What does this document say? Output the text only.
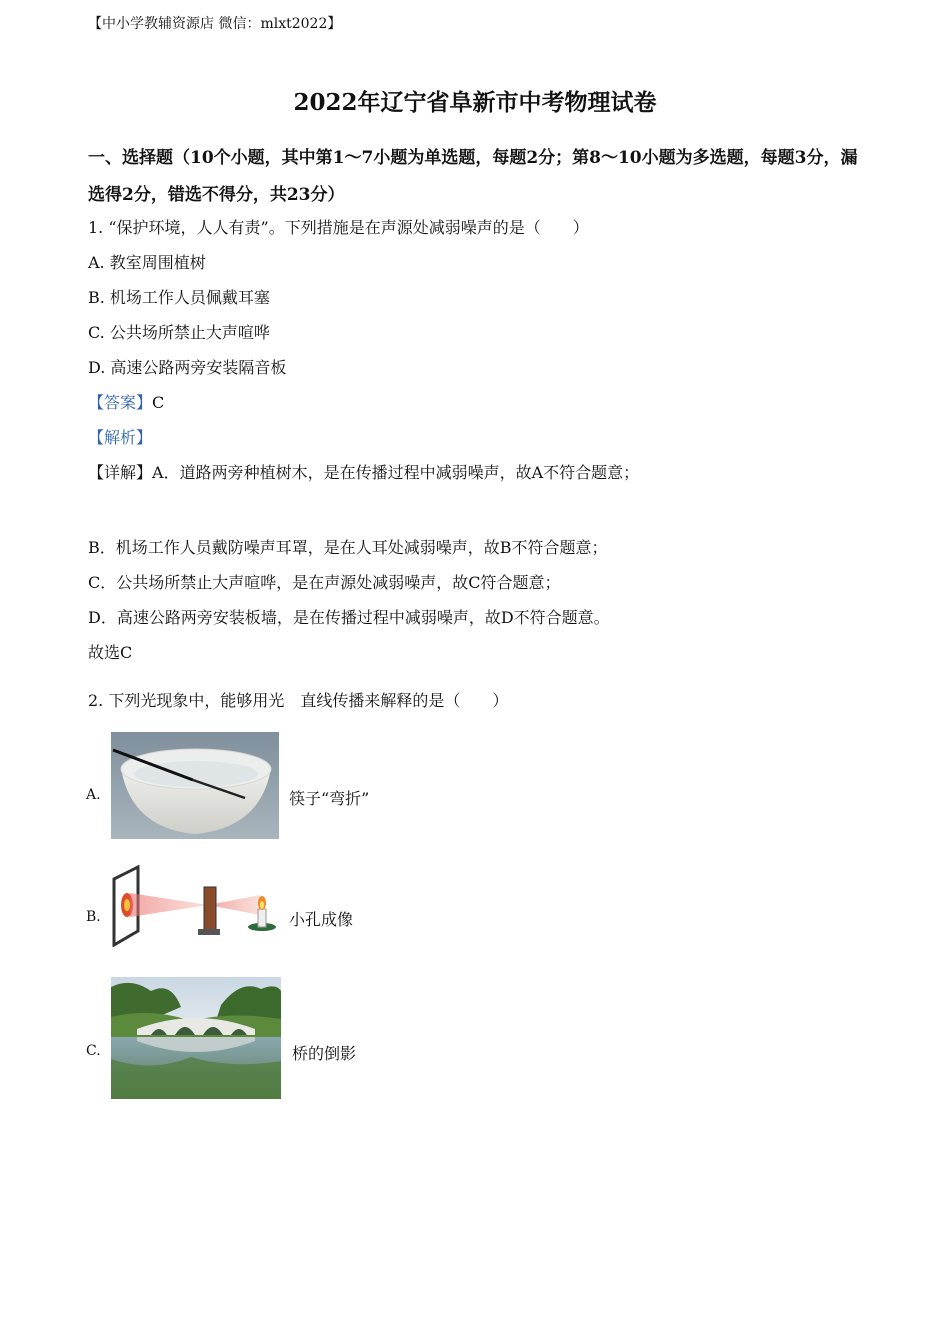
【中小学教辅资源店 微信：mlxt2022】
2022年辽宁省阜新市中考物理试卷
一、选择题（10个小题，其中第1～7小题为单选题，每题2分；第8～10小题为多选题，每题3分，漏选得2分，错选不得分，共23分）
1. “保护环境，人人有责”。下列措施是在声源处减弱噪声的是（　　）
A. 教室周围植树
B. 机场工作人员佩戴耳塞
C. 公共场所禁止大声喧哗
D. 高速公路两旁安装隔音板
【答案】C
【解析】
【详解】A．道路两旁种植树木，是在传播过程中减弱噪声，故A不符合题意；
B．机场工作人员戴防噪声耳罩，是在人耳处减弱噪声，故B不符合题意；
C．公共场所禁止大声喧哗，是在声源处减弱噪声，故C符合题意；
D．高速公路两旁安装板墙，是在传播过程中减弱噪声，故D不符合题意。
故选C
2. 下列光现象中，能够用光　直线传播来解释的是（　　）
A.	筷子“弯折”
B.	小孔成像
C.	桥的倒影
